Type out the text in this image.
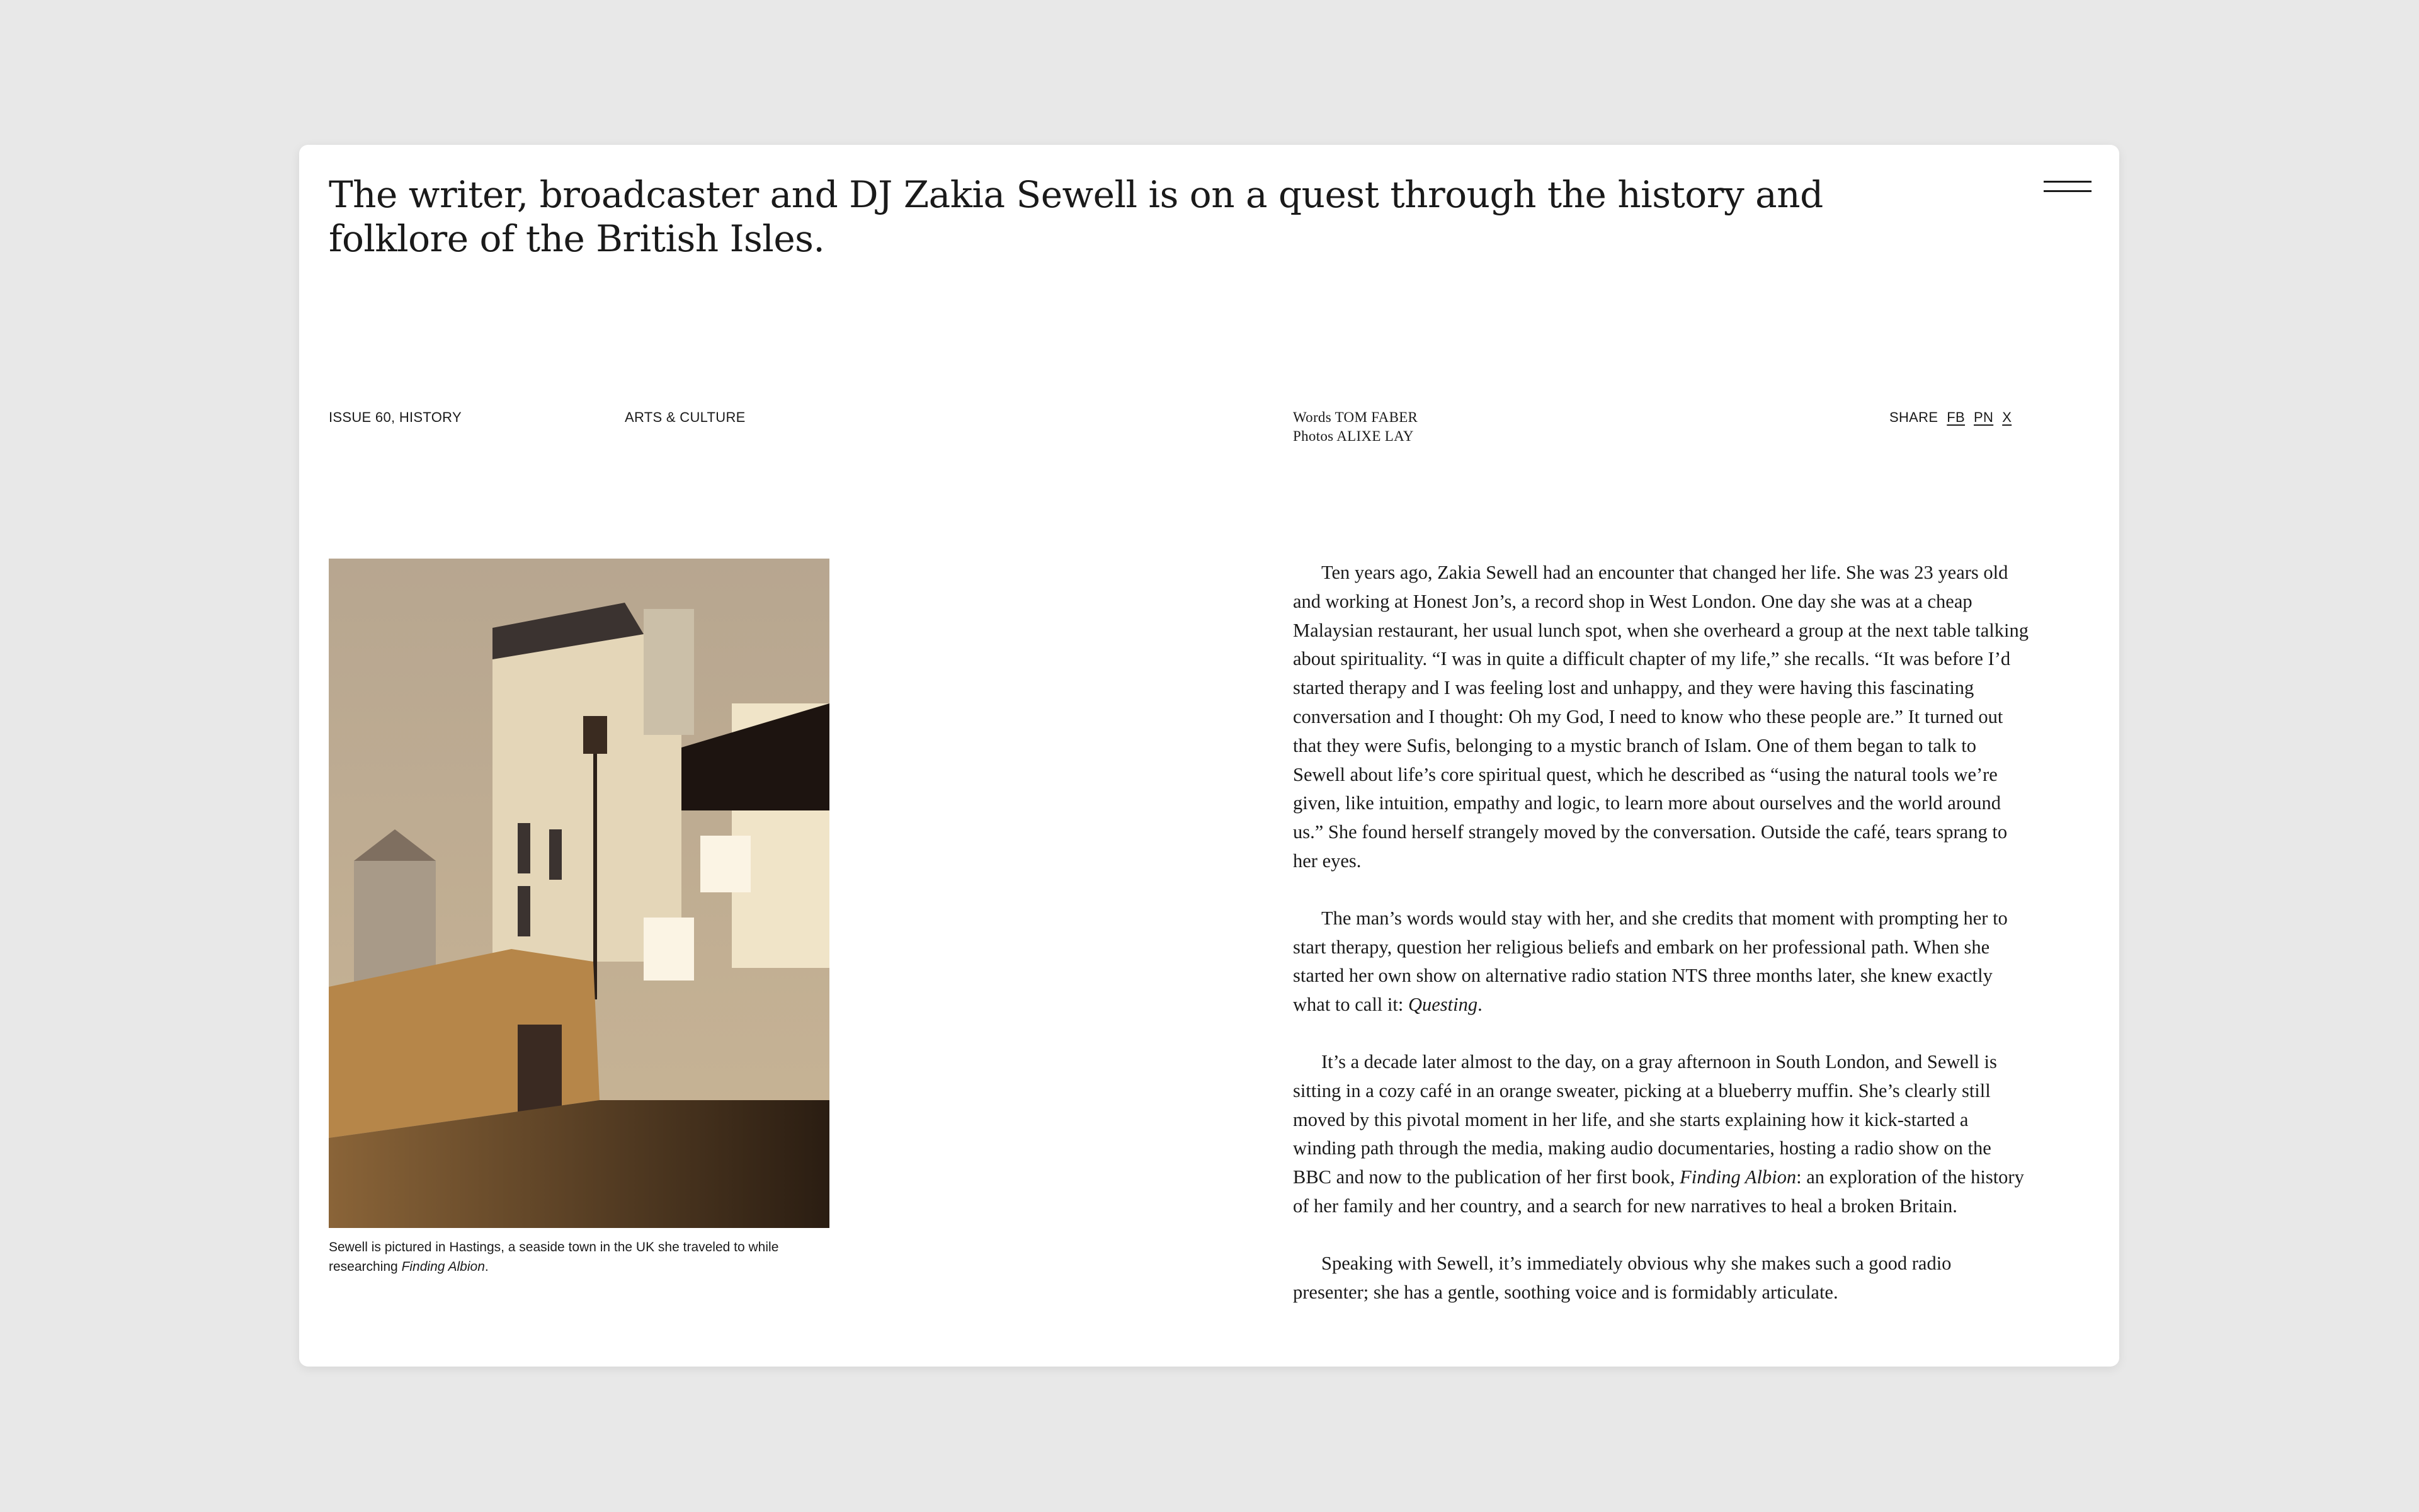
The writer, broadcaster and DJ Zakia Sewell is on a quest through the history and folklore of the British Isles.
ISSUE 60, HISTORY	ARTS & CULTURE	Words TOM FABER
Photos ALIXE LAY
SHARE FB PN X
Sewell is pictured in Hastings, a seaside town in the UK she traveled to while researching Finding Albion.

Ten years ago, Zakia Sewell had an encounter that changed her life. She was 23 years old and working at Honest Jon’s, a record shop in West London. One day she was at a cheap Malaysian restaurant, her usual lunch spot, when she overheard a group at the next table talking about spirituality. “I was in quite a difficult chapter of my life,” she recalls. “It was before I’d started therapy and I was feeling lost and unhappy, and they were having this fascinating conversation and I thought: Oh my God, I need to know who these people are.” It turned out that they were Sufis, belonging to a mystic branch of Islam. One of them began to talk to Sewell about life’s core spiritual quest, which he described as “using the natural tools we’re given, like intuition, empathy and logic, to learn more about ourselves and the world around us.” She found herself strangely moved by the conversation. Outside the café, tears sprang to her eyes.

The man’s words would stay with her, and she credits that moment with prompting her to start therapy, question her religious beliefs and embark on her professional path. When she started her own show on alternative radio station NTS three months later, she knew exactly what to call it: Questing.

It’s a decade later almost to the day, on a gray afternoon in South London, and Sewell is sitting in a cozy café in an orange sweater, picking at a blueberry muffin. She’s clearly still moved by this pivotal moment in her life, and she starts explaining how it kick-started a winding path through the media, making audio documentaries, hosting a radio show on the BBC and now to the publication of her first book, Finding Albion: an exploration of the history of her family and her country, and a search for new narratives to heal a broken Britain.

Speaking with Sewell, it’s immediately obvious why she makes such a good radio presenter; she has a gentle, soothing voice and is formidably articulate.
